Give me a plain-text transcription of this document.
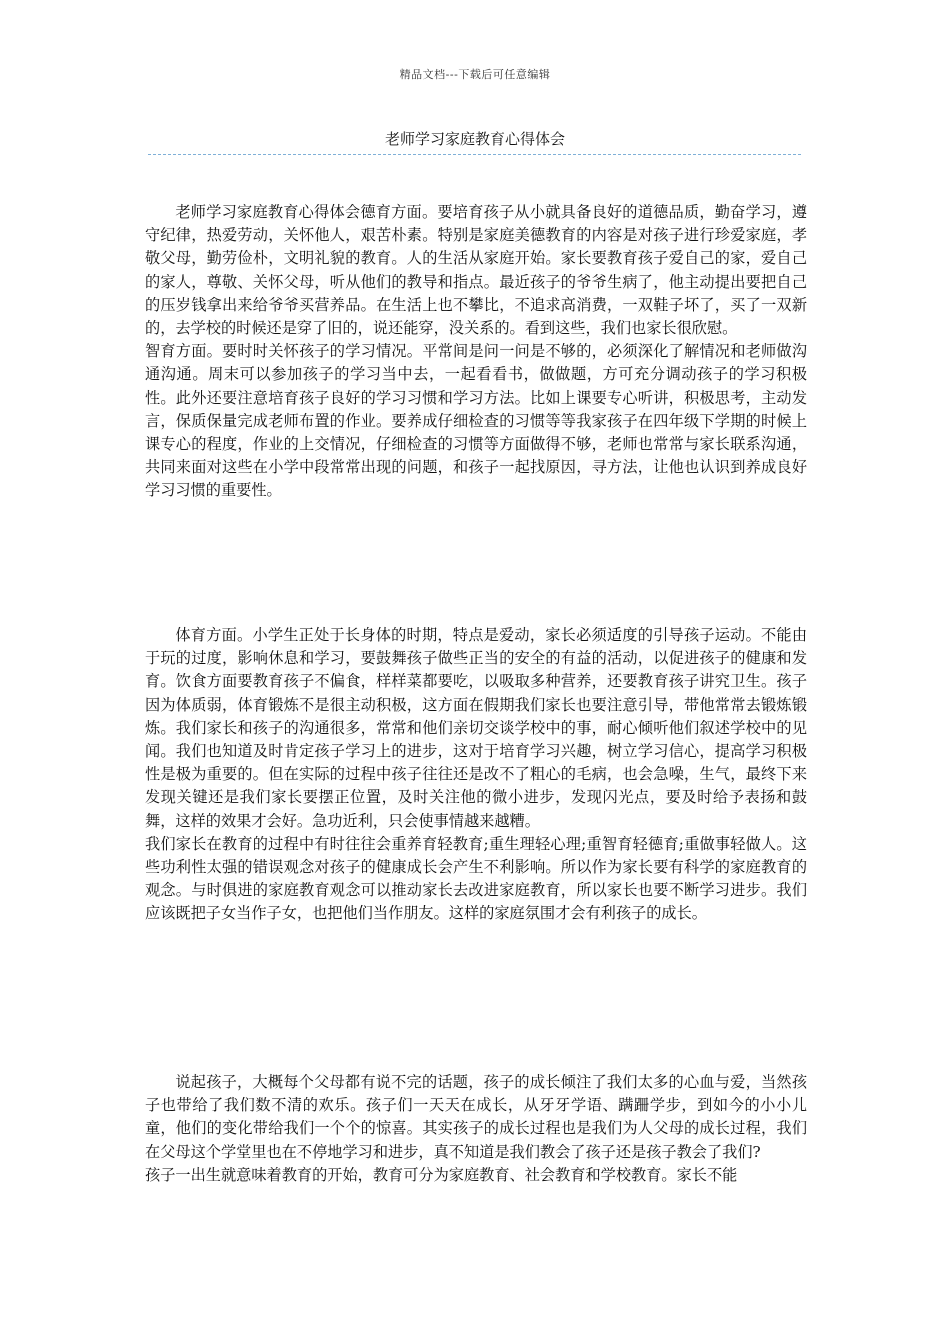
精品文档---下载后可任意编辑
老师学习家庭教育心得体会

老师学习家庭教育心得体会德育方面。要培育孩子从小就具备良好的道德品质，勤奋学习，遵守纪律，热爱劳动，关怀他人，艰苦朴素。特别是家庭美德教育的内容是对孩子进行珍爱家庭，孝敬父母，勤劳俭朴，文明礼貌的教育。人的生活从家庭开始。家长要教育孩子爱自己的家，爱自己的家人，尊敬、关怀父母，听从他们的教导和指点。最近孩子的爷爷生病了，他主动提出要把自己的压岁钱拿出来给爷爷买营养品。在生活上也不攀比，不追求高消费，一双鞋子坏了，买了一双新的，去学校的时候还是穿了旧的，说还能穿，没关系的。看到这些，我们也家长很欣慰。

智育方面。要时时关怀孩子的学习情况。平常间是问一问是不够的，必须深化了解情况和老师做沟通沟通。周末可以参加孩子的学习当中去，一起看看书，做做题，方可充分调动孩子的学习积极性。此外还要注意培育孩子良好的学习习惯和学习方法。比如上课要专心听讲，积极思考，主动发言，保质保量完成老师布置的作业。要养成仔细检查的习惯等等我家孩子在四年级下学期的时候上课专心的程度，作业的上交情况，仔细检查的习惯等方面做得不够，老师也常常与家长联系沟通，共同来面对这些在小学中段常常出现的问题，和孩子一起找原因，寻方法，让他也认识到养成良好学习习惯的重要性。

体育方面。小学生正处于长身体的时期，特点是爱动，家长必须适度的引导孩子运动。不能由于玩的过度，影响休息和学习，要鼓舞孩子做些正当的安全的有益的活动，以促进孩子的健康和发育。饮食方面要教育孩子不偏食，样样菜都要吃，以吸取多种营养，还要教育孩子讲究卫生。孩子因为体质弱，体育锻炼不是很主动积极，这方面在假期我们家长也要注意引导，带他常常去锻炼锻炼。我们家长和孩子的沟通很多，常常和他们亲切交谈学校中的事，耐心倾听他们叙述学校中的见闻。我们也知道及时肯定孩子学习上的进步，这对于培育学习兴趣，树立学习信心，提高学习积极性是极为重要的。但在实际的过程中孩子往往还是改不了粗心的毛病，也会急噪，生气，最终下来发现关键还是我们家长要摆正位置，及时关注他的微小进步，发现闪光点，要及时给予表扬和鼓舞，这样的效果才会好。急功近利，只会使事情越来越糟。

我们家长在教育的过程中有时往往会重养育轻教育;重生理轻心理;重智育轻德育;重做事轻做人。这些功利性太强的错误观念对孩子的健康成长会产生不利影响。所以作为家长要有科学的家庭教育的观念。与时俱进的家庭教育观念可以推动家长去改进家庭教育，所以家长也要不断学习进步。我们应该既把子女当作子女，也把他们当作朋友。这样的家庭氛围才会有利孩子的成长。

说起孩子，大概每个父母都有说不完的话题，孩子的成长倾注了我们太多的心血与爱，当然孩子也带给了我们数不清的欢乐。孩子们一天天在成长，从牙牙学语、蹒跚学步，到如今的小小儿童，他们的变化带给我们一个个的惊喜。其实孩子的成长过程也是我们为人父母的成长过程，我们在父母这个学堂里也在不停地学习和进步，真不知道是我们教会了孩子还是孩子教会了我们?

孩子一出生就意味着教育的开始，教育可分为家庭教育、社会教育和学校教育。家长不能
